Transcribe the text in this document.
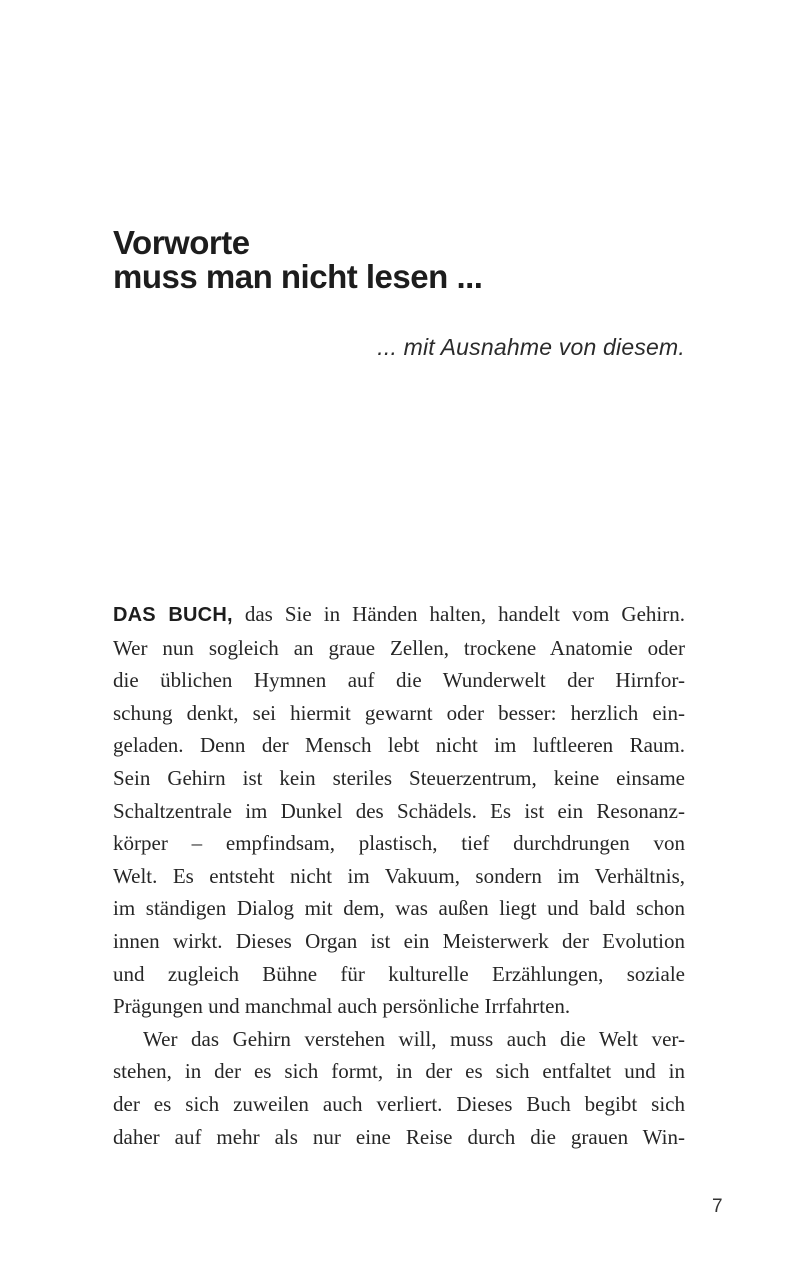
Vorworte
muss man nicht lesen ...
... mit Ausnahme von diesem.
DAS BUCH, das Sie in Händen halten, handelt vom Gehirn.
Wer nun sogleich an graue Zellen, trockene Anatomie oder
die üblichen Hymnen auf die Wunderwelt der Hirnfor-
schung denkt, sei hiermit gewarnt oder besser: herzlich ein-
geladen. Denn der Mensch lebt nicht im luftleeren Raum.
Sein Gehirn ist kein steriles Steuerzentrum, keine einsame
Schaltzentrale im Dunkel des Schädels. Es ist ein Resonanz-
körper – empfindsam, plastisch, tief durchdrungen von
Welt. Es entsteht nicht im Vakuum, sondern im Verhältnis,
im ständigen Dialog mit dem, was außen liegt und bald schon
innen wirkt. Dieses Organ ist ein Meisterwerk der Evolution
und zugleich Bühne für kulturelle Erzählungen, soziale
Prägungen und manchmal auch persönliche Irrfahrten.
Wer das Gehirn verstehen will, muss auch die Welt ver-
stehen, in der es sich formt, in der es sich entfaltet und in
der es sich zuweilen auch verliert. Dieses Buch begibt sich
daher auf mehr als nur eine Reise durch die grauen Win-
7
